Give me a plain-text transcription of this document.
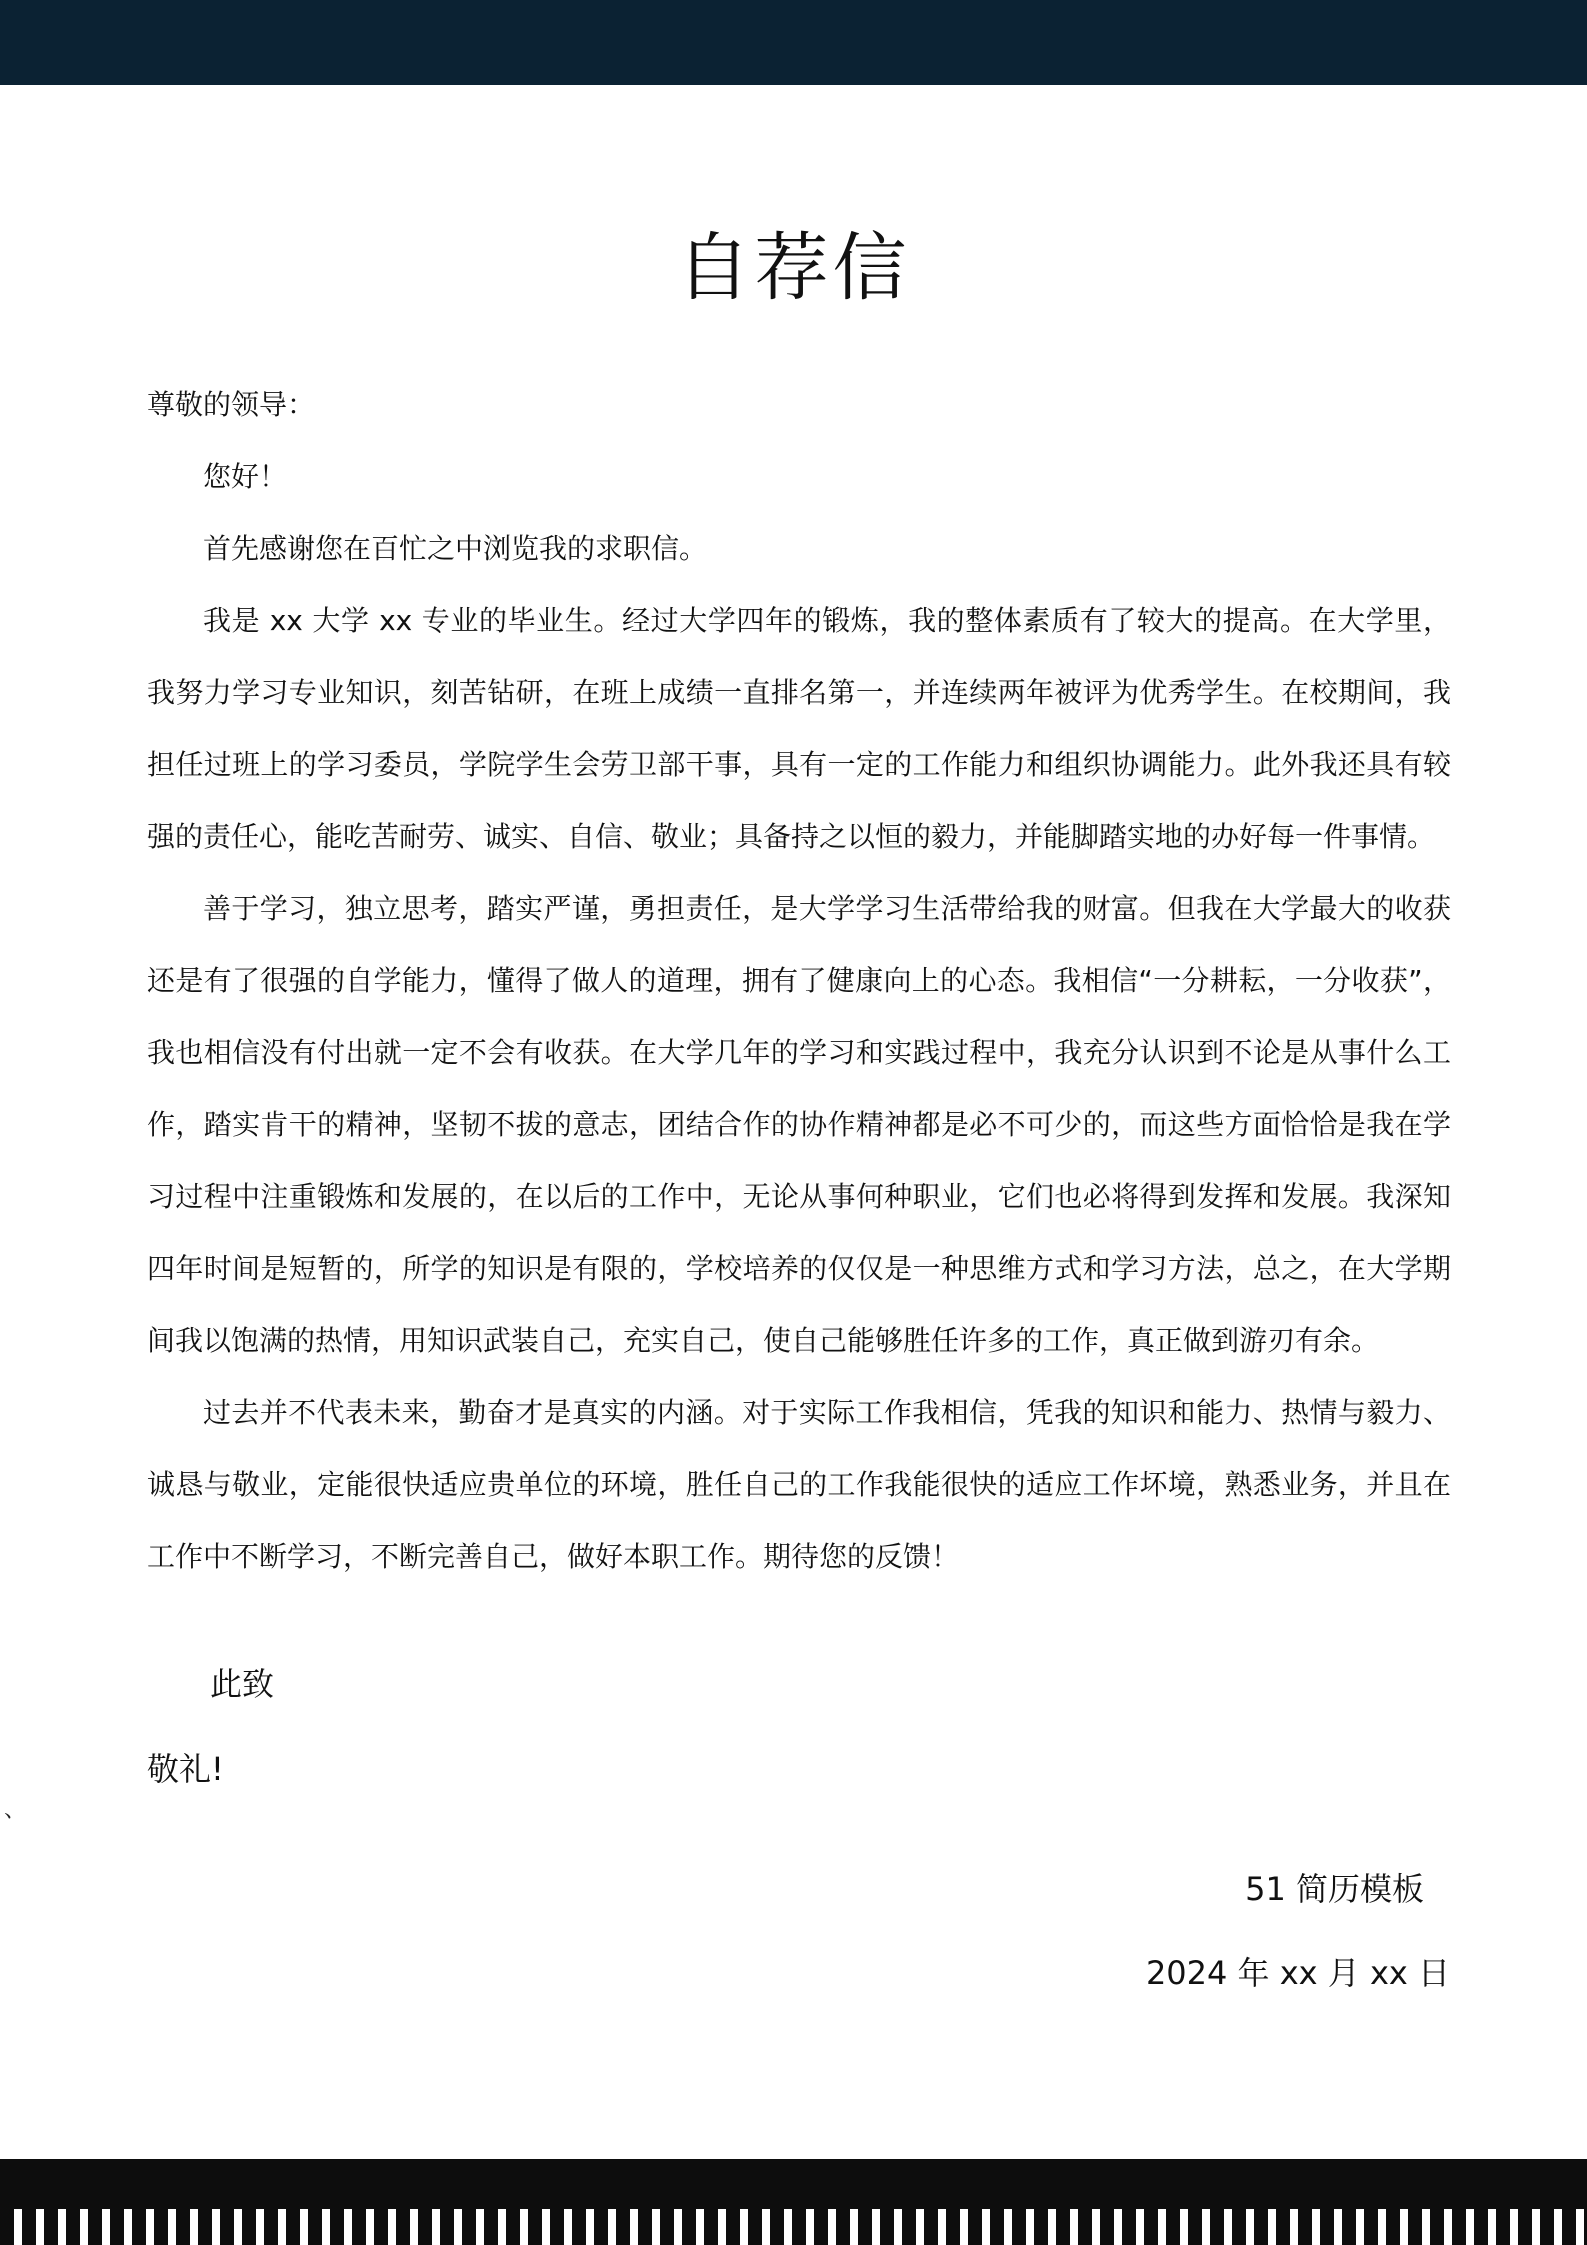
自荐信
尊敬的领导：

您好！

首先感谢您在百忙之中浏览我的求职信。

我是 xx 大学 xx 专业的毕业生。经过大学四年的锻炼，我的整体素质有了较大的提高。在大学里，我努力学习专业知识，刻苦钻研，在班上成绩一直排名第一，并连续两年被评为优秀学生。在校期间，我担任过班上的学习委员，学院学生会劳卫部干事，具有一定的工作能力和组织协调能力。此外我还具有较强的责任心，能吃苦耐劳、诚实、自信、敬业；具备持之以恒的毅力，并能脚踏实地的办好每一件事情。

善于学习，独立思考，踏实严谨，勇担责任，是大学学习生活带给我的财富。但我在大学最大的收获还是有了很强的自学能力，懂得了做人的道理，拥有了健康向上的心态。我相信“一分耕耘，一分收获”，我也相信没有付出就一定不会有收获。在大学几年的学习和实践过程中，我充分认识到不论是从事什么工作，踏实肯干的精神，坚韧不拔的意志，团结合作的协作精神都是必不可少的，而这些方面恰恰是我在学习过程中注重锻炼和发展的，在以后的工作中，无论从事何种职业，它们也必将得到发挥和发展。我深知四年时间是短暂的，所学的知识是有限的，学校培养的仅仅是一种思维方式和学习方法，总之，在大学期间我以饱满的热情，用知识武装自己，充实自己，使自己能够胜任许多的工作，真正做到游刃有余。

过去并不代表未来，勤奋才是真实的内涵。对于实际工作我相信，凭我的知识和能力、热情与毅力、诚恳与敬业，定能很快适应贵单位的环境，胜任自己的工作我能很快的适应工作坏境，熟悉业务，并且在工作中不断学习，不断完善自己，做好本职工作。期待您的反馈！

此致
敬礼!
、
51 简历模板
2024 年 xx 月 xx 日
